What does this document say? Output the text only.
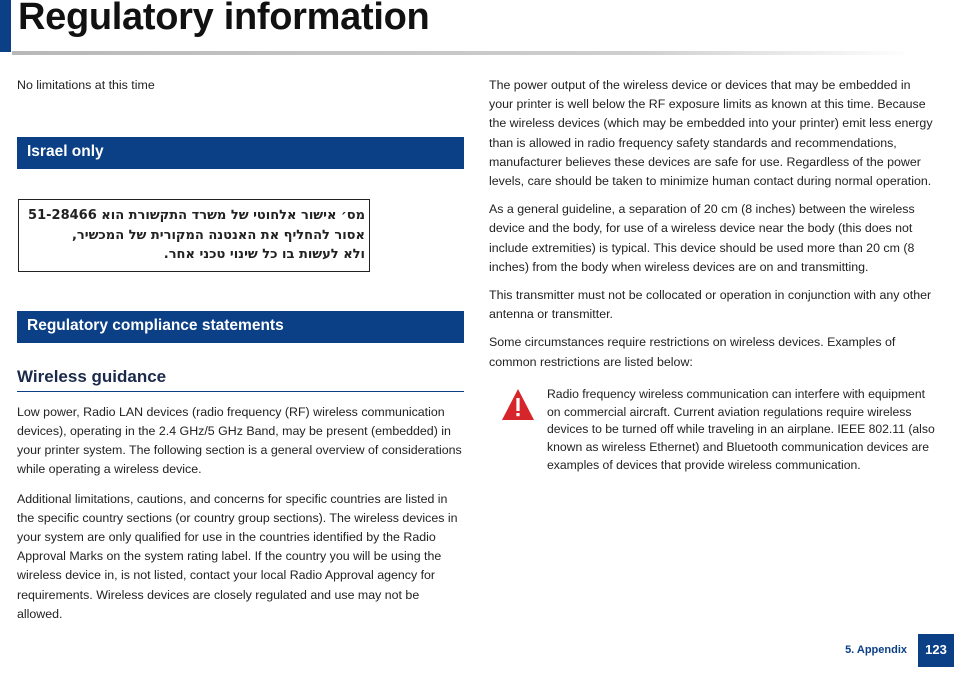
Regulatory information

No limitations at this time

Israel only
מס׳ אישור אלחוטי של משרד התקשורת הוא 51-28466
אסור להחליף את האנטנה המקורית של המכשיר,
ולא לעשות בו כל שינוי טכני אחר.
Regulatory compliance statements
Wireless guidance

Low power, Radio LAN devices (radio frequency (RF) wireless communication devices), operating in the 2.4 GHz/5 GHz Band, may be present (embedded) in your printer system. The following section is a general overview of considerations while operating a wireless device.

Additional limitations, cautions, and concerns for specific countries are listed in the specific country sections (or country group sections). The wireless devices in your system are only qualified for use in the countries identified by the Radio Approval Marks on the system rating label. If the country you will be using the wireless device in, is not listed, contact your local Radio Approval agency for requirements. Wireless devices are closely regulated and use may not be allowed.

The power output of the wireless device or devices that may be embedded in your printer is well below the RF exposure limits as known at this time. Because the wireless devices (which may be embedded into your printer) emit less energy than is allowed in radio frequency safety standards and recommendations, manufacturer believes these devices are safe for use. Regardless of the power levels, care should be taken to minimize human contact during normal operation.

As a general guideline, a separation of 20 cm (8 inches) between the wireless device and the body, for use of a wireless device near the body (this does not include extremities) is typical. This device should be used more than 20 cm (8 inches) from the body when wireless devices are on and transmitting.

This transmitter must not be collocated or operation in conjunction with any other antenna or transmitter.

Some circumstances require restrictions on wireless devices. Examples of common restrictions are listed below:

Radio frequency wireless communication can interfere with equipment on commercial aircraft. Current aviation regulations require wireless devices to be turned off while traveling in an airplane. IEEE 802.11 (also known as wireless Ethernet) and Bluetooth communication devices are examples of devices that provide wireless communication.
5. Appendix	123
